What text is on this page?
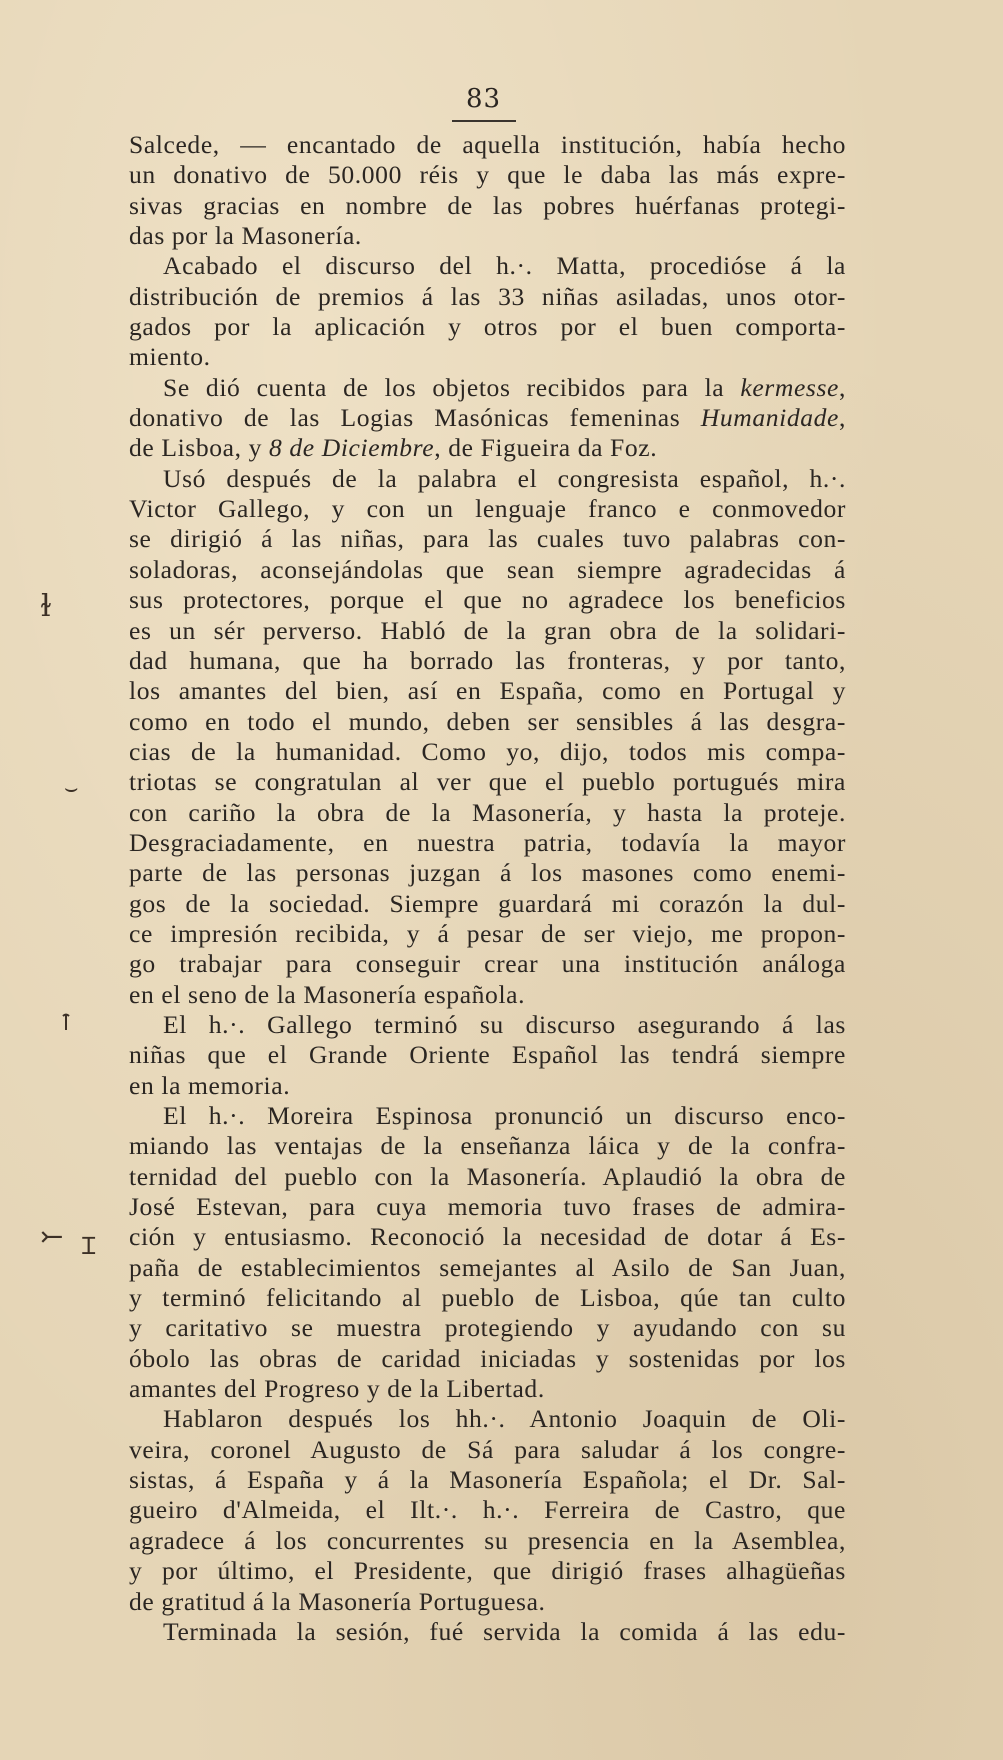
83
Salcede, — encantado de aquella institución, había hecho
un donativo de 50.000 réis y que le daba las más expre-
sivas gracias en nombre de las pobres huérfanas protegi-
das por la Masonería.
Acabado el discurso del h.·. Matta, procedióse á la
distribución de premios á las 33 niñas asiladas, unos otor-
gados por la aplicación y otros por el buen comporta-
miento.
Se dió cuenta de los objetos recibidos para la kermesse,
donativo de las Logias Masónicas femeninas Humanidade,
de Lisboa, y 8 de Diciembre, de Figueira da Foz.
Usó después de la palabra el congresista español, h.·.
Victor Gallego, y con un lenguaje franco e conmovedor
se dirigió á las niñas, para las cuales tuvo palabras con-
soladoras, aconsejándolas que sean siempre agradecidas á
sus protectores, porque el que no agradece los beneficios
es un sér perverso. Habló de la gran obra de la solidari-
dad humana, que ha borrado las fronteras, y por tanto,
los amantes del bien, así en España, como en Portugal y
como en todo el mundo, deben ser sensibles á las desgra-
cias de la humanidad. Como yo, dijo, todos mis compa-
triotas se congratulan al ver que el pueblo portugués mira
con cariño la obra de la Masonería, y hasta la proteje.
Desgraciadamente, en nuestra patria, todavía la mayor
parte de las personas juzgan á los masones como enemi-
gos de la sociedad. Siempre guardará mi corazón la dul-
ce impresión recibida, y á pesar de ser viejo, me propon-
go trabajar para conseguir crear una institución análoga
en el seno de la Masonería española.
El h.·. Gallego terminó su discurso asegurando á las
niñas que el Grande Oriente Español las tendrá siempre
en la memoria.
El h.·. Moreira Espinosa pronunció un discurso enco-
miando las ventajas de la enseñanza láica y de la confra-
ternidad del pueblo con la Masonería. Aplaudió la obra de
José Estevan, para cuya memoria tuvo frases de admira-
ción y entusiasmo. Reconoció la necesidad de dotar á Es-
paña de establecimientos semejantes al Asilo de San Juan,
y terminó felicitando al pueblo de Lisboa, qúe tan culto
y caritativo se muestra protegiendo y ayudando con su
óbolo las obras de caridad iniciadas y sostenidas por los
amantes del Progreso y de la Libertad.
Hablaron después los hh.·. Antonio Joaquin de Oli-
veira, coronel Augusto de Sá para saludar á los congre-
sistas, á España y á la Masonería Española; el Dr. Sal-
gueiro d'Almeida, el Ilt.·. h.·. Ferreira de Castro, que
agradece á los concurrentes su presencia en la Asemblea,
y por último, el Presidente, que dirigió frases alhagüeñas
de gratitud á la Masonería Portuguesa.
Terminada la sesión, fué servida la comida á las edu-
ɫ
⌣
⤚ Ɪ
